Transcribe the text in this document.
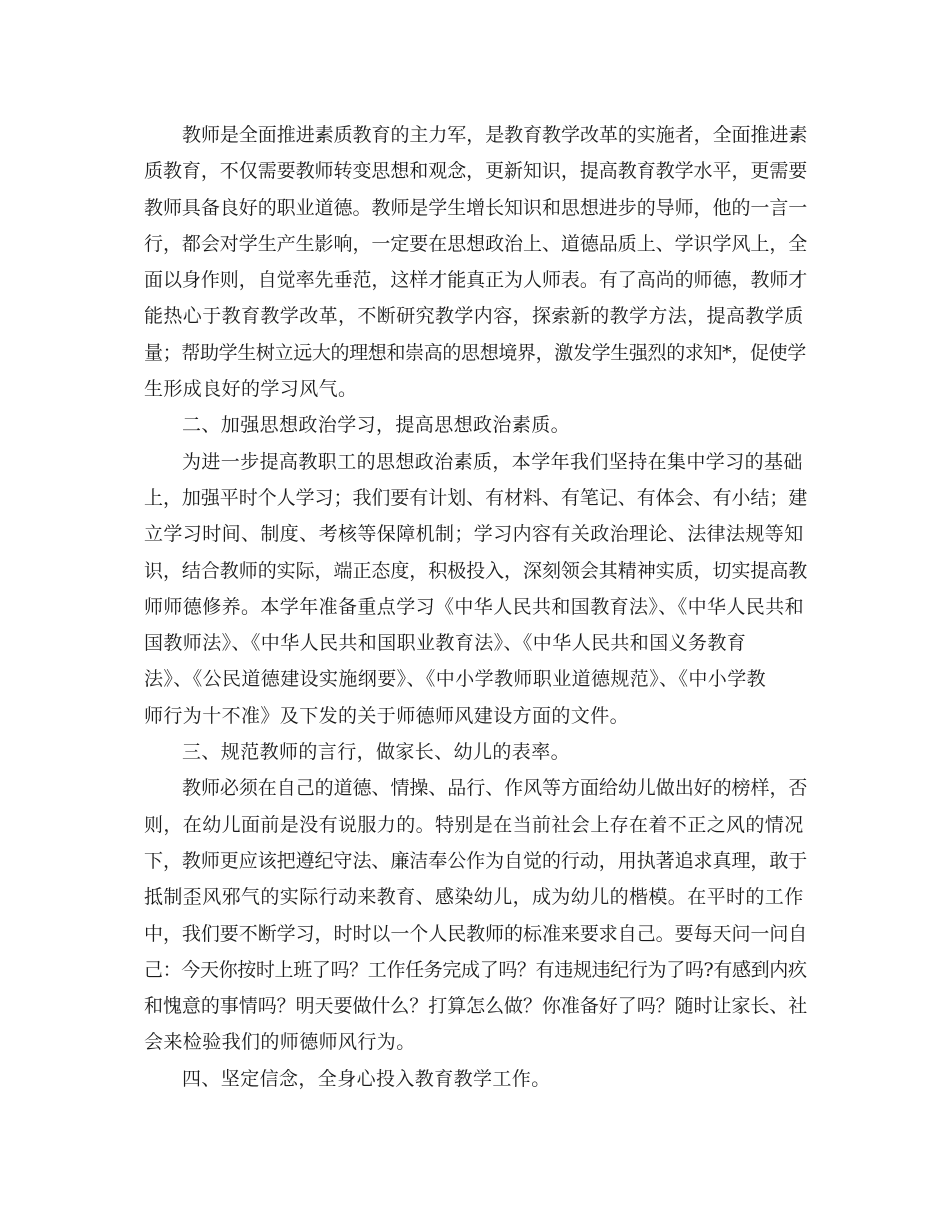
教师是全面推进素质教育的主力军，是教育教学改革的实施者，全面推进素
质教育，不仅需要教师转变思想和观念，更新知识，提高教育教学水平，更需要
教师具备良好的职业道德。教师是学生增长知识和思想进步的导师，他的一言一
行，都会对学生产生影响，一定要在思想政治上、道德品质上、学识学风上，全
面以身作则，自觉率先垂范，这样才能真正为人师表。有了高尚的师德，教师才
能热心于教育教学改革，不断研究教学内容，探索新的教学方法，提高教学质
量；帮助学生树立远大的理想和崇高的思想境界，激发学生强烈的求知*，促使学
生形成良好的学习风气。
二、加强思想政治学习，提高思想政治素质。
为进一步提高教职工的思想政治素质，本学年我们坚持在集中学习的基础
上，加强平时个人学习；我们要有计划、有材料、有笔记、有体会、有小结；建
立学习时间、制度、考核等保障机制；学习内容有关政治理论、法律法规等知
识，结合教师的实际，端正态度，积极投入，深刻领会其精神实质，切实提高教
师师德修养。本学年准备重点学习《中华人民共和国教育法》、《中华人民共和
国教师法》、《中华人民共和国职业教育法》、《中华人民共和国义务教育
法》、《公民道德建设实施纲要》、《中小学教师职业道德规范》、《中小学教
师行为十不准》及下发的关于师德师风建设方面的文件。
三、规范教师的言行，做家长、幼儿的表率。
教师必须在自己的道德、情操、品行、作风等方面给幼儿做出好的榜样，否
则，在幼儿面前是没有说服力的。特别是在当前社会上存在着不正之风的情况
下，教师更应该把遵纪守法、廉洁奉公作为自觉的行动，用执著追求真理，敢于
抵制歪风邪气的实际行动来教育、感染幼儿，成为幼儿的楷模。在平时的工作
中，我们要不断学习，时时以一个人民教师的标准来要求自己。要每天问一问自
己：今天你按时上班了吗？工作任务完成了吗？有违规违纪行为了吗?有感到内疚
和愧意的事情吗？明天要做什么？打算怎么做？你准备好了吗？随时让家长、社
会来检验我们的师德师风行为。
四、坚定信念，全身心投入教育教学工作。
